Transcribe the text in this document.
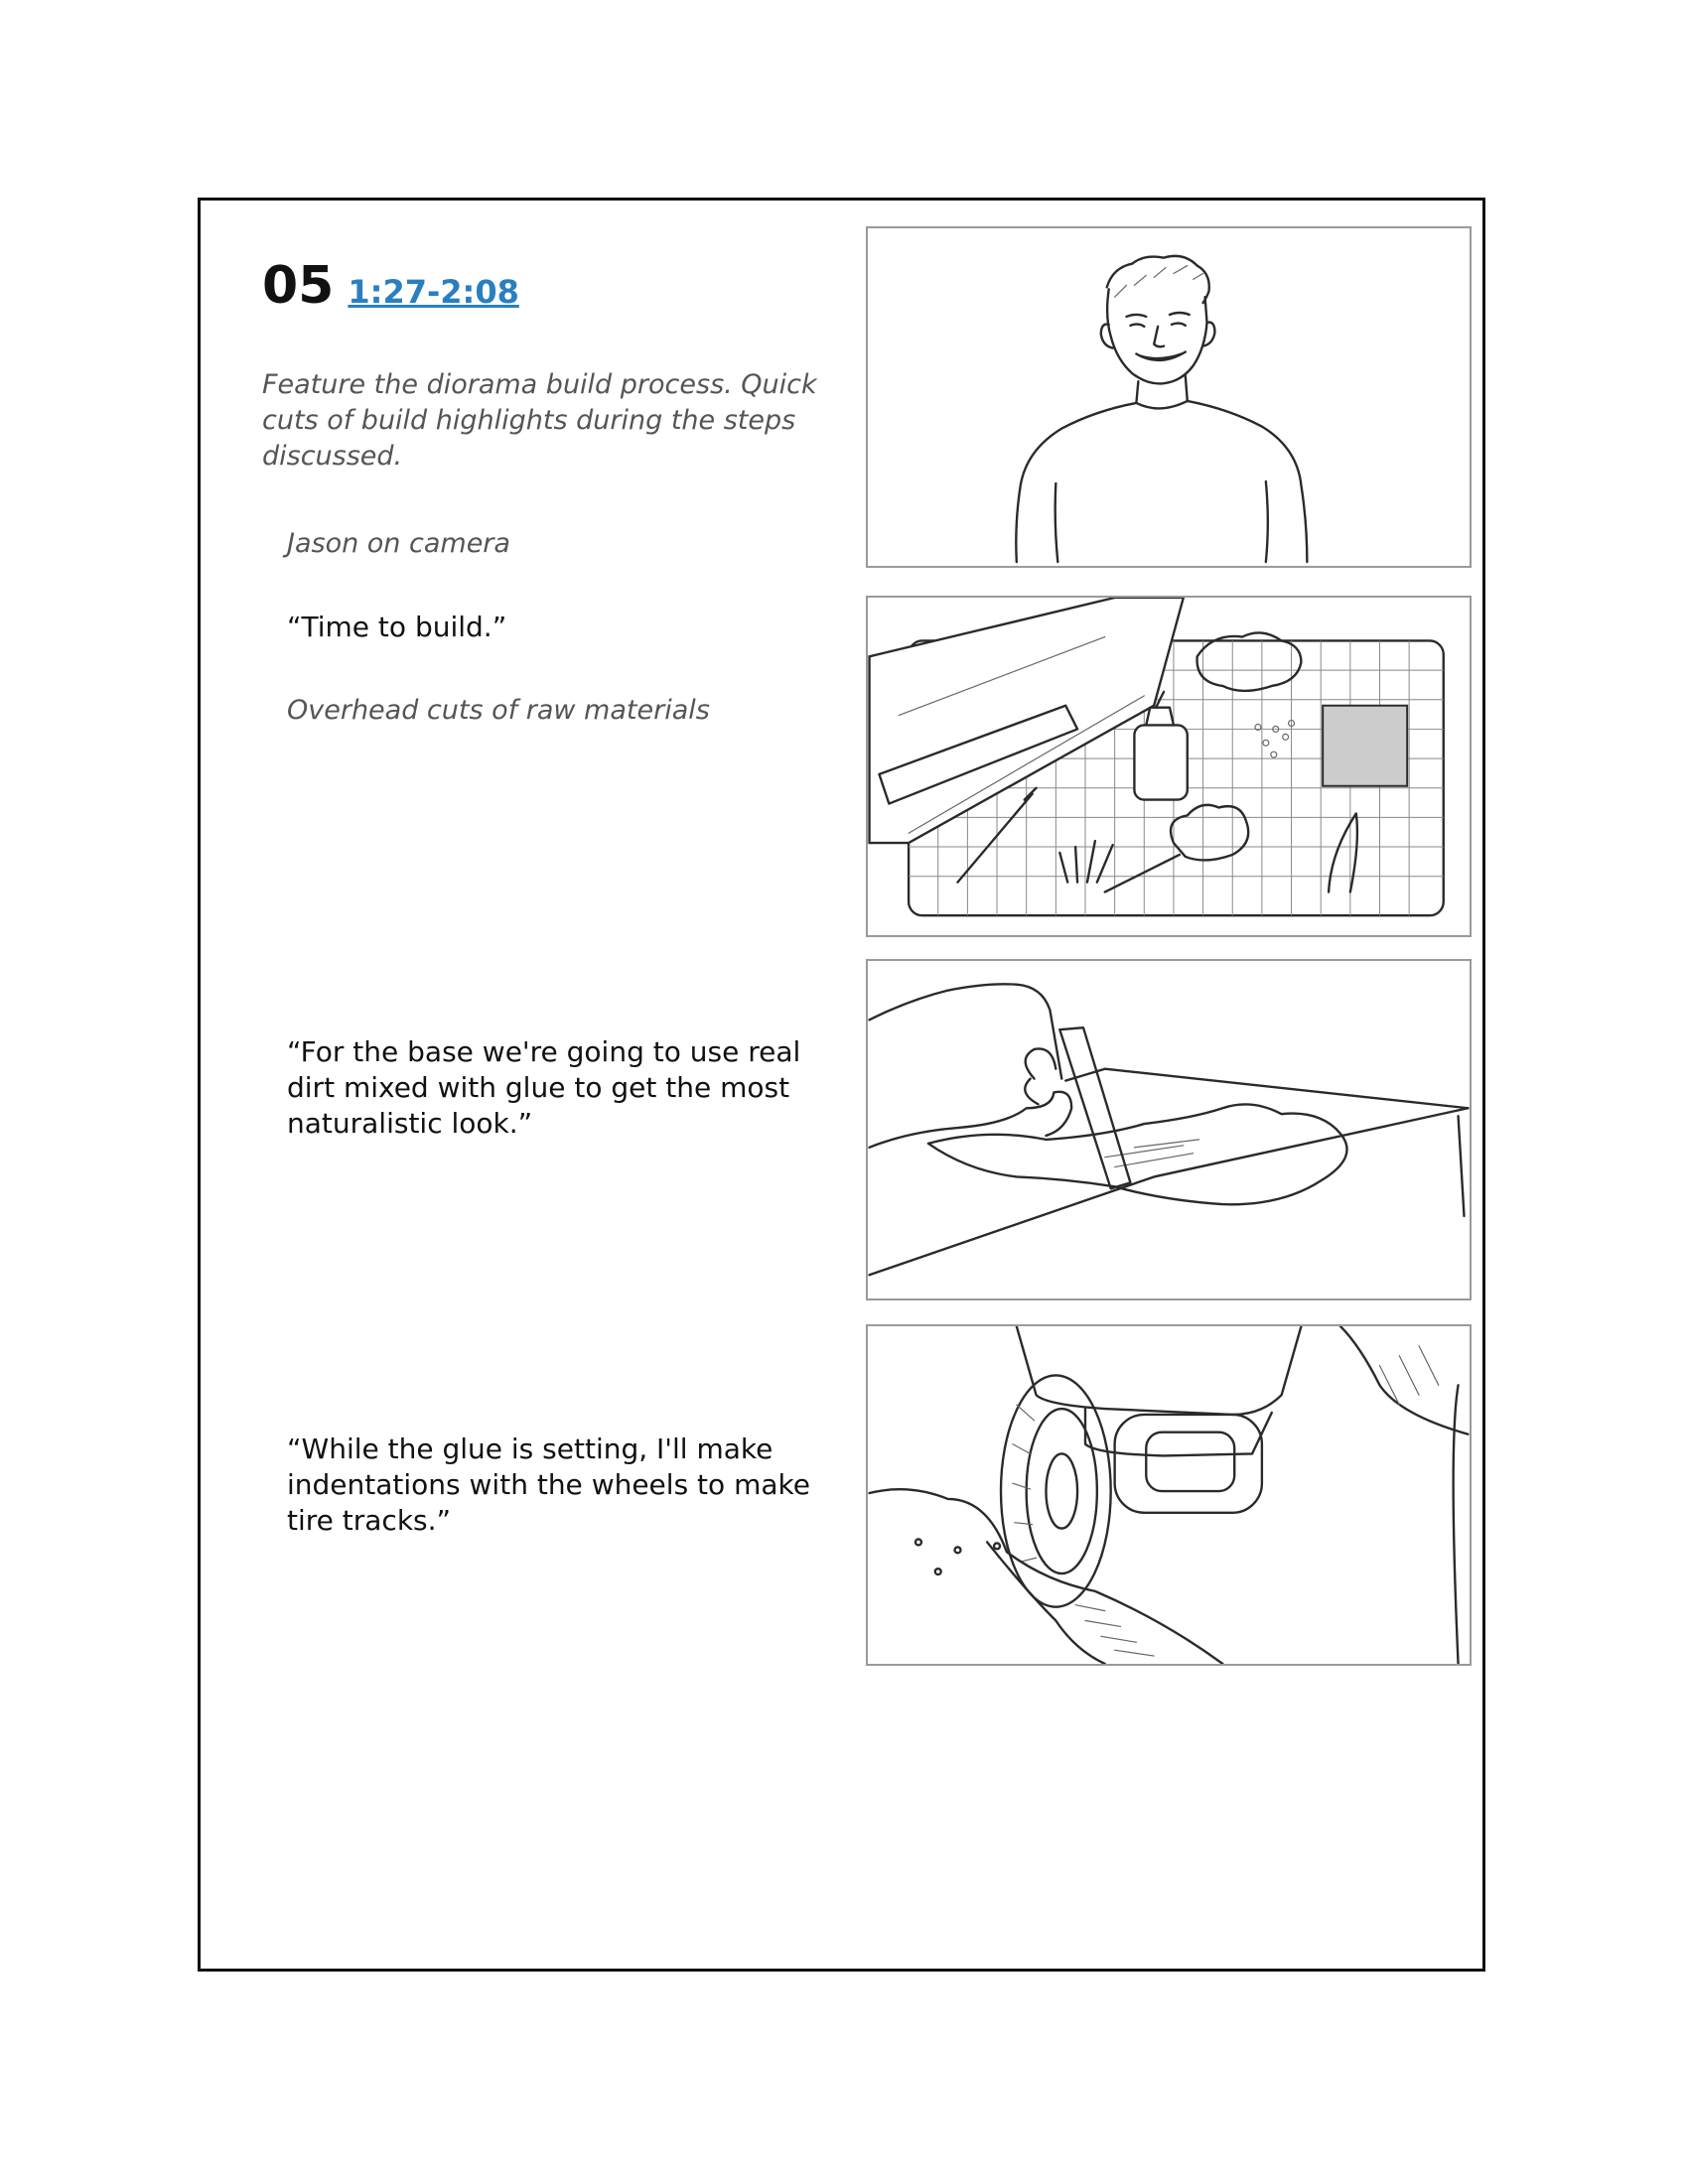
05 1:27-2:08

Feature the diorama build process. Quick cuts of build highlights during the steps discussed.

Jason on camera

“Time to build.”

Overhead cuts of raw materials

“For the base we're going to use real dirt mixed with glue to get the most naturalistic look.”

“While the glue is setting, I'll make indentations with the wheels to make tire tracks.”
